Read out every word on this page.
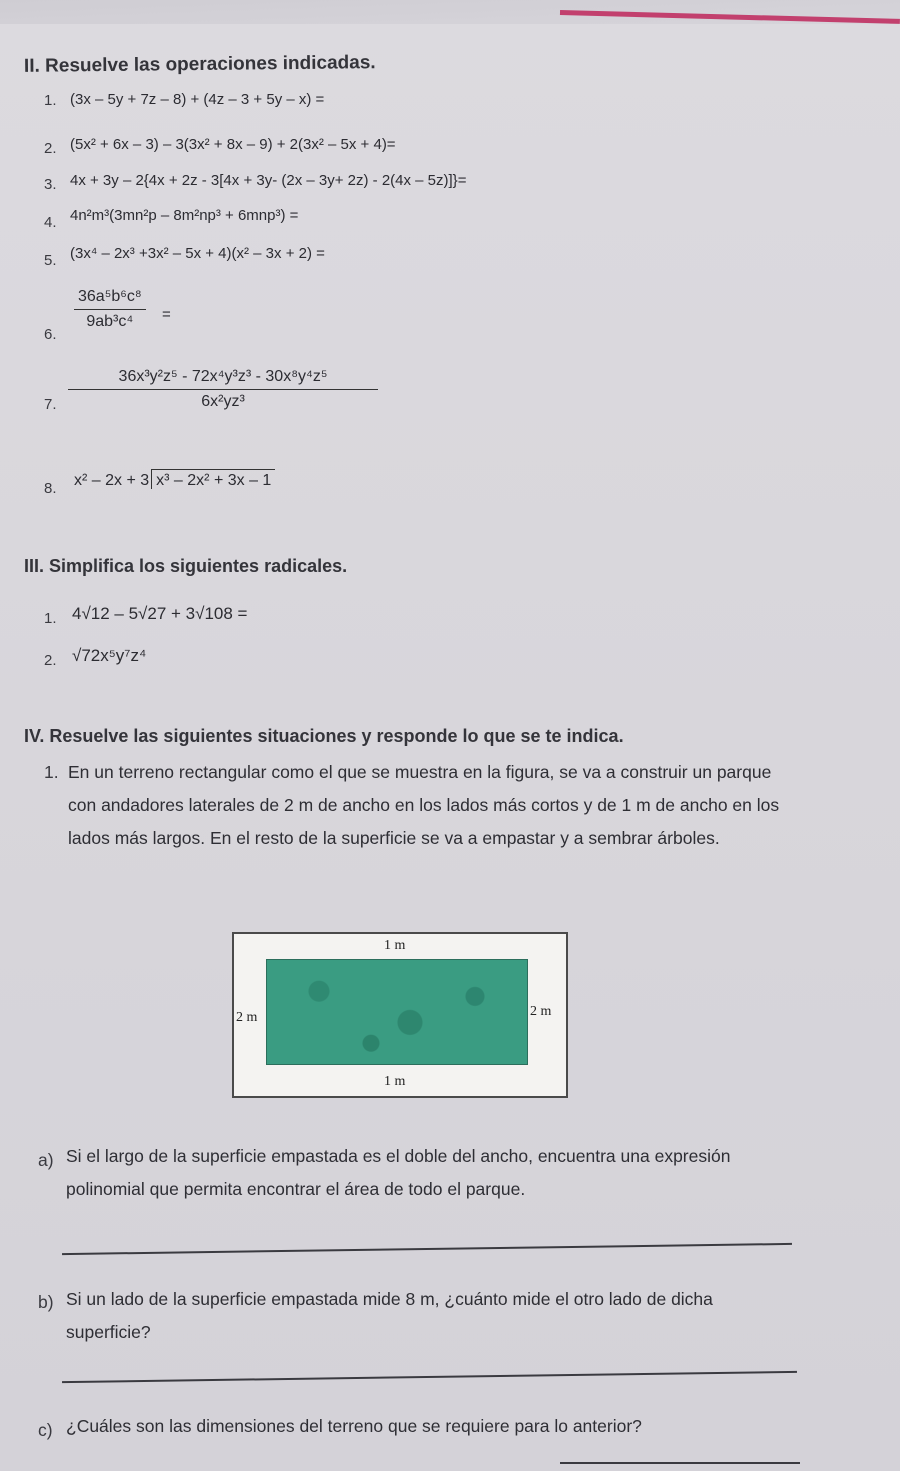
II. Resuelve las operaciones indicadas.
1. (3x – 5y + 7z – 8) + (4z – 3 + 5y – x) =
2. (5x² + 6x – 3) – 3(3x² + 8x – 9) + 2(3x² – 5x + 4)=
3. 4x + 3y – 2{4x + 2z - 3[4x + 3y- (2x – 3y+ 2z) - 2(4x – 5z)]}=
4. 4n²m³(3mn²p – 8m²np³ + 6mnp³) =
5. (3x⁴ – 2x³ +3x² – 5x + 4)(x² – 3x + 2) =
6.
$\frac{\text{36a⁵b⁶c⁸}}{\text{9ab³c⁴}}$ =
7. $\frac{\text{36x³y²z⁵ - 72x⁴y³z³ - 30x⁸y⁴z⁵}}{\text{6x²yz³}}$
8. x² – 2x + 3 x³ – 2x² + 3x – 1
III. Simplifica los siguientes radicales.
1. 4√12 – 5√27 + 3√108 =
2. √72x⁵y⁷z⁴
IV. Resuelve las siguientes situaciones y responde lo que se te indica.
1. En un terreno rectangular como el que se muestra en la figura, se va a construir un parque con andadores laterales de 2 m de ancho en los lados más cortos y de 1 m de ancho en los lados más largos. En el resto de la superficie se va a empastar y a sembrar árboles.
1 m
1 m
2 m	2 m
a) Si el largo de la superficie empastada es el doble del ancho, encuentra una expresión polinomial que permita encontrar el área de todo el parque.
b) Si un lado de la superficie empastada mide 8 m, ¿cuánto mide el otro lado de dicha superficie?
c) ¿Cuáles son las dimensiones del terreno que se requiere para lo anterior?
